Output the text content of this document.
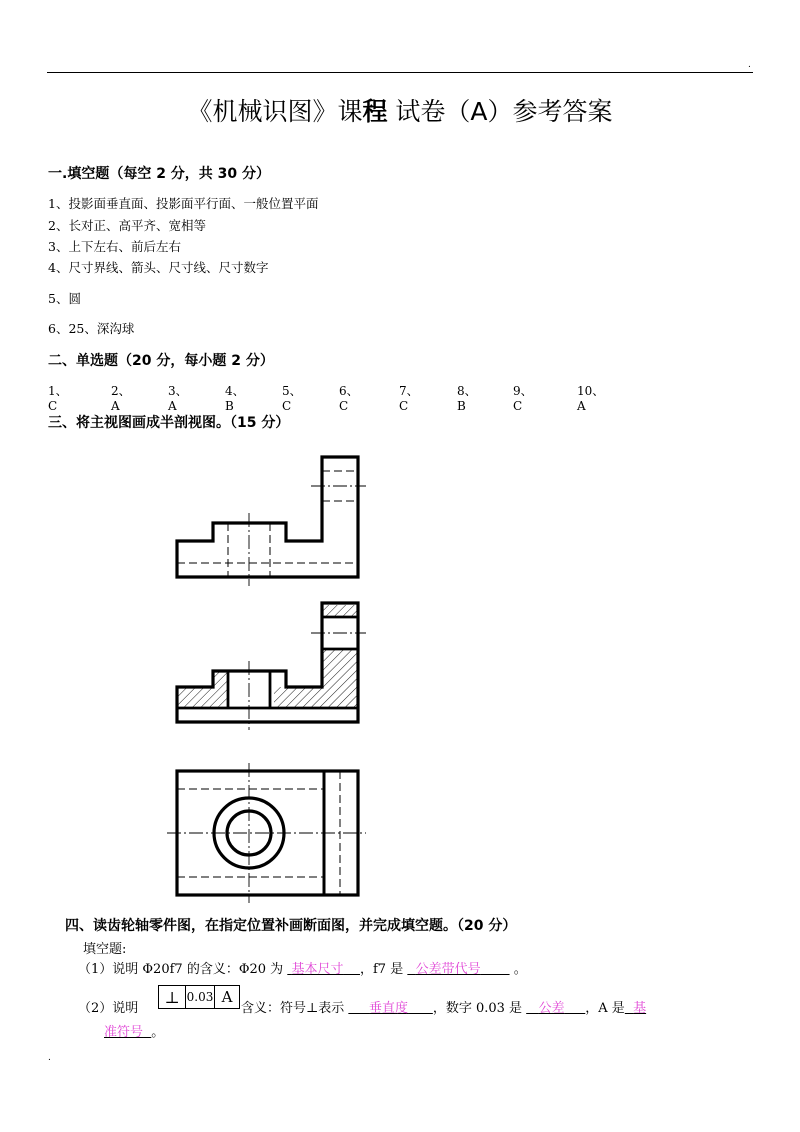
.
《机械识图》课程 试卷（A）参考答案
一.填空题（每空 2 分，共 30 分）
1、投影面垂直面、投影面平行面、一般位置平面
2、长对正、高平齐、宽相等
3、上下左右、前后左右
4、尺寸界线、箭头、尺寸线、尺寸数字
5、圆
6、25、深沟球
二、单选题（20 分，每小题 2 分）
1、C
2、A
3、A
4、B
5、C
6、C
7、C
8、B
9、C
10、A
三、将主视图画成半剖视图。（15 分）
四、读齿轮轴零件图，在指定位置补画断面图，并完成填空题。（20 分）
填空题:
（1）说明 Φ20f7 的含义：Φ20 为  基本尺寸 ，f7 是   公差带代号        。
（2）说明
⊥ 0.03 A
含义：符号⊥表示      垂直度 ，数字 0.03 是    公差 ，A 是 基
准符号 。
.
